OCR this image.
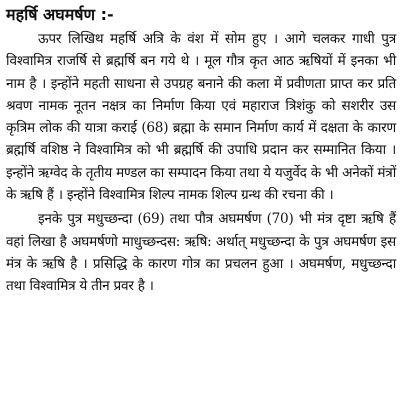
महर्षि अघमर्षण :-

ऊपर लिखिथ महर्षि अत्रि के वंश में सोम हुए । आगे चलकर गाधी पुत्र विश्वामित्र राजर्षि से ब्रह्मर्षि बन गये थे । मूल गौत्र कृत आठ ऋषियों में इनका भी नाम है । इन्होंने महती साधना से उपग्रह बनाने की कला में प्रवीणता प्राप्त कर प्रति श्रवण नामक नूतन नक्षत्र का निर्माण किया एवं महाराज त्रिशंकु को सशरीर उस कृत्रिम लोक की यात्रा कराई (68) ब्रह्मा के समान निर्माण कार्य में दक्षता के कारण ब्रह्मर्षि वशिष्ठ ने विश्वामित्र को भी ब्रह्मर्षि की उपाधि प्रदान कर सम्मानित किया । इन्होंने ऋग्वेद के तृतीय मण्डल का सम्पादन किया तथा ये यजुर्वेद के भी अनेकों मंत्रों के ऋषि हैं । इन्होंने विश्वामित्र शिल्प नामक शिल्प ग्रन्थ की रचना की ।

इनके पुत्र मधुच्छन्दा (69) तथा पौत्र अघमर्षण (70) भी मंत्र दृष्टा ऋषि हैं वहां लिखा है अघमर्षणो माधुच्छन्दस: ऋषि: अर्थात् मधुच्छन्दा के पुत्र अघमर्षण इस मंत्र के ऋषि है । प्रसिद्धि के कारण गोत्र का प्रचलन हुआ । अघमर्षण, मधुच्छन्दा तथा विश्वामित्र ये तीन प्रवर है ।
